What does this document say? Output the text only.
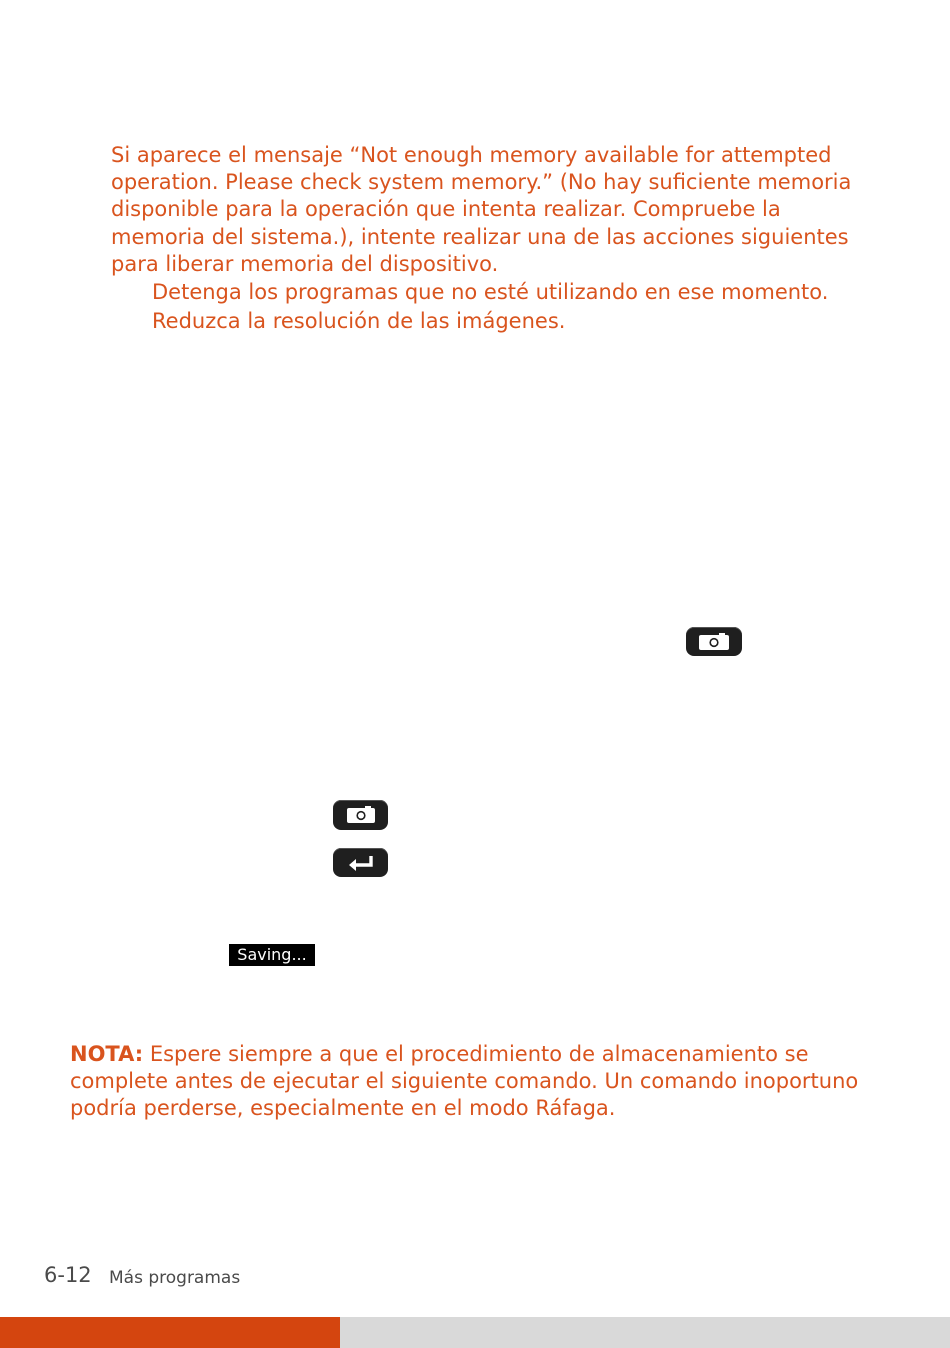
Si aparece el mensaje “Not enough memory available for attempted operation. Please check system memory.” (No hay suficiente memoria disponible para la operación que intenta realizar. Compruebe la memoria del sistema.), intente realizar una de las acciones siguientes para liberar memoria del dispositivo.

Detenga los programas que no esté utilizando en ese momento.
Reduzca la resolución de las imágenes.
Saving...

NOTA: Espere siempre a que el procedimiento de almacenamiento se complete antes de ejecutar el siguiente comando. Un comando inoportuno podría perderse, especialmente en el modo Ráfaga.

6-12 Más programas
